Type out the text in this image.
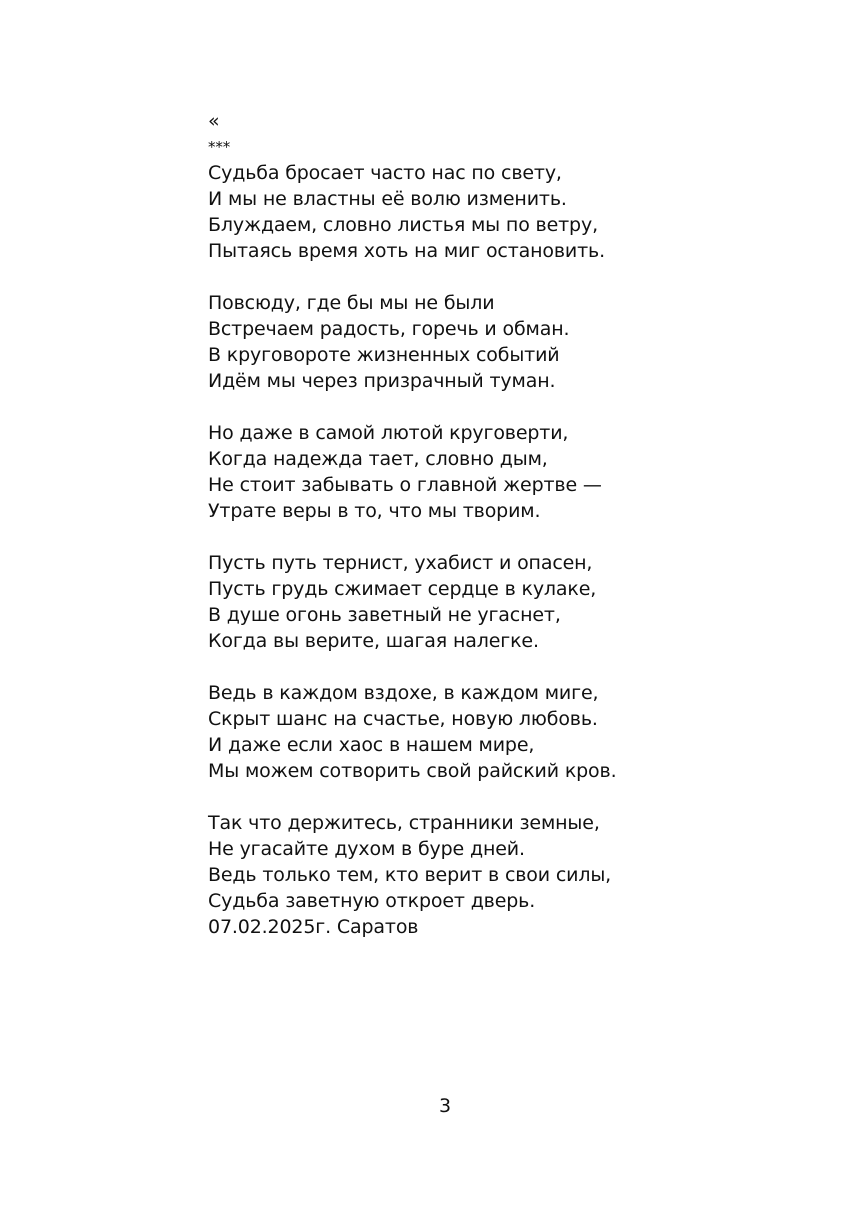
«
***
Судьба бросает часто нас по свету,
И мы не властны её волю изменить.
Блуждаем, словно листья мы по ветру,
Пытаясь время хоть на миг остановить.
Повсюду, где бы мы не были
Встречаем радость, горечь и обман.
В круговороте жизненных событий
Идём мы через призрачный туман.
Но даже в самой лютой круговерти,
Когда надежда тает, словно дым,
Не стоит забывать о главной жертве —
Утрате веры в то, что мы творим.
Пусть путь тернист, ухабист и опасен,
Пусть грудь сжимает сердце в кулаке,
В душе огонь заветный не угаснет,
Когда вы верите, шагая налегке.
Ведь в каждом вздохе, в каждом миге,
Скрыт шанс на счастье, новую любовь.
И даже если хаос в нашем мире,
Мы можем сотворить свой райский кров.
Так что держитесь, странники земные,
Не угасайте духом в буре дней.
Ведь только тем, кто верит в свои силы,
Судьба заветную откроет дверь.
07.02.2025г. Саратов
3
